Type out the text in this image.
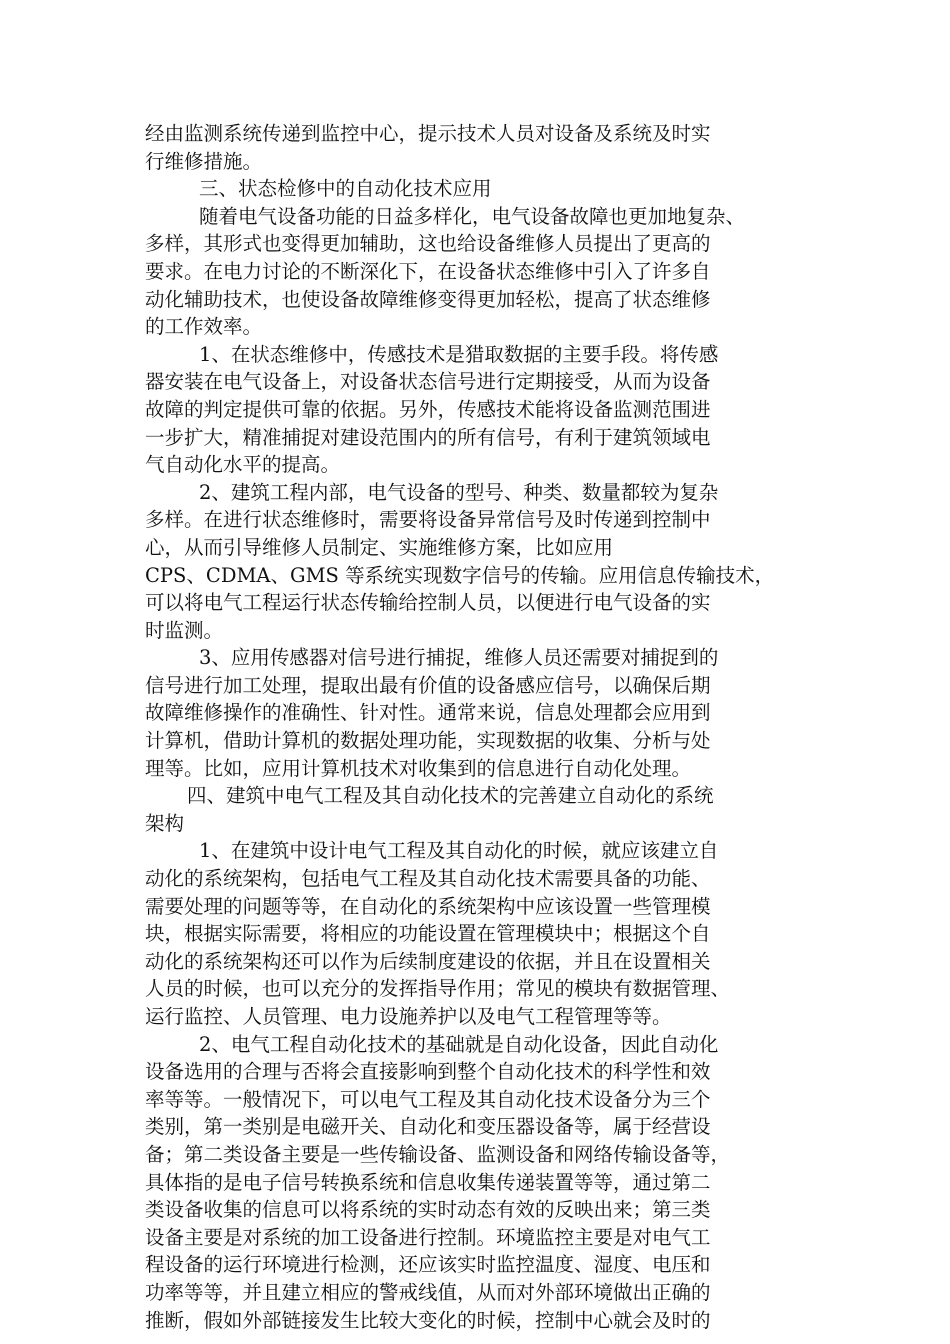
经由监测系统传递到监控中心，提示技术人员对设备及系统及时实
行维修措施。
三、状态检修中的自动化技术应用
随着电气设备功能的日益多样化，电气设备故障也更加地复杂、
多样，其形式也变得更加辅助，这也给设备维修人员提出了更高的
要求。在电力讨论的不断深化下，在设备状态维修中引入了许多自
动化辅助技术，也使设备故障维修变得更加轻松，提高了状态维修
的工作效率。
1、在状态维修中，传感技术是猎取数据的主要手段。将传感
器安装在电气设备上，对设备状态信号进行定期接受，从而为设备
故障的判定提供可靠的依据。另外，传感技术能将设备监测范围进
一步扩大，精准捕捉对建设范围内的所有信号，有利于建筑领域电
气自动化水平的提高。
2、建筑工程内部，电气设备的型号、种类、数量都较为复杂
多样。在进行状态维修时，需要将设备异常信号及时传递到控制中
心，从而引导维修人员制定、实施维修方案，比如应用
CPS、CDMA、GMS 等系统实现数字信号的传输。应用信息传输技术，
可以将电气工程运行状态传输给控制人员，以便进行电气设备的实
时监测。
3、应用传感器对信号进行捕捉，维修人员还需要对捕捉到的
信号进行加工处理，提取出最有价值的设备感应信号，以确保后期
故障维修操作的准确性、针对性。通常来说，信息处理都会应用到
计算机，借助计算机的数据处理功能，实现数据的收集、分析与处
理等。比如，应用计算机技术对收集到的信息进行自动化处理。
四、建筑中电气工程及其自动化技术的完善建立自动化的系统
架构
1、在建筑中设计电气工程及其自动化的时候，就应该建立自
动化的系统架构，包括电气工程及其自动化技术需要具备的功能、
需要处理的问题等等，在自动化的系统架构中应该设置一些管理模
块，根据实际需要，将相应的功能设置在管理模块中；根据这个自
动化的系统架构还可以作为后续制度建设的依据，并且在设置相关
人员的时候，也可以充分的发挥指导作用；常见的模块有数据管理、
运行监控、人员管理、电力设施养护以及电气工程管理等等。
2、电气工程自动化技术的基础就是自动化设备，因此自动化
设备选用的合理与否将会直接影响到整个自动化技术的科学性和效
率等等。一般情况下，可以电气工程及其自动化技术设备分为三个
类别，第一类别是电磁开关、自动化和变压器设备等，属于经营设
备；第二类设备主要是一些传输设备、监测设备和网络传输设备等，
具体指的是电子信号转换系统和信息收集传递装置等等，通过第二
类设备收集的信息可以将系统的实时动态有效的反映出来；第三类
设备主要是对系统的加工设备进行控制。环境监控主要是对电气工
程设备的运行环境进行检测，还应该实时监控温度、湿度、电压和
功率等等，并且建立相应的警戒线值，从而对外部环境做出正确的
推断，假如外部链接发生比较大变化的时候，控制中心就会及时的
